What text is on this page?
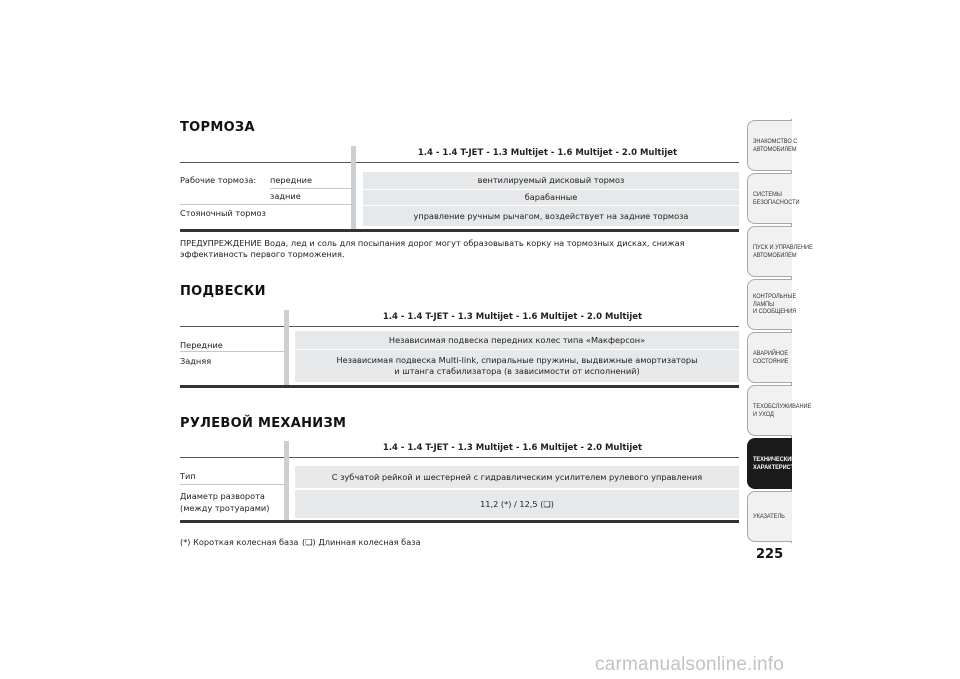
ТОРМОЗА
1.4 - 1.4 T-JET - 1.3 Multijet - 1.6 Multijet - 2.0 Multijet
Рабочие тормоза: передние
задние
Стояночный тормоз
вентилируемый дисковый тормоз
барабанные
управление ручным рычагом, воздействует на задние тормоза
ПРЕДУПРЕЖДЕНИЕ Вода, лед и соль для посыпания дорог могут образовывать корку на тормозных дисках, снижая эффективность первого торможения.
ПОДВЕСКИ
1.4 - 1.4 T-JET - 1.3 Multijet - 1.6 Multijet - 2.0 Multijet
Передние
Задняя
Независимая подвеска передних колес типа «Макферсон»
Независимая подвеска Multi-link, спиральные пружины, выдвижные амортизаторы
и штанга стабилизатора (в зависимости от исполнений)
РУЛЕВОЙ МЕХАНИЗМ
1.4 - 1.4 T-JET - 1.3 Multijet - 1.6 Multijet - 2.0 Multijet
Тип
Диаметр разворота
(между тротуарами)
С зубчатой рейкой и шестерней с гидравлическим усилителем рулевого управления
11,2 (*) / 12,5 (❏)
(*) Короткая колесная база (❏) Длинная колесная база
ЗНАКОМСТВО С
АВТОМОБИЛЕМ
СИСТЕМЫ
БЕЗОПАСНОСТИ
ПУСК И УПРАВЛЕНИЕ
АВТОМОБИЛЕМ
КОНТРОЛЬНЫЕ
ЛАМПЫ
И СООБЩЕНИЯ
АВАРИЙНОЕ
СОСТОЯНИЕ
ТЕХОБСЛУЖИВАНИЕ
И УХОД
ТЕХНИЧЕСКИЕ
ХАРАКТЕРИСТИКИ
УКАЗАТЕЛЬ
225
carmanualsonline.info
